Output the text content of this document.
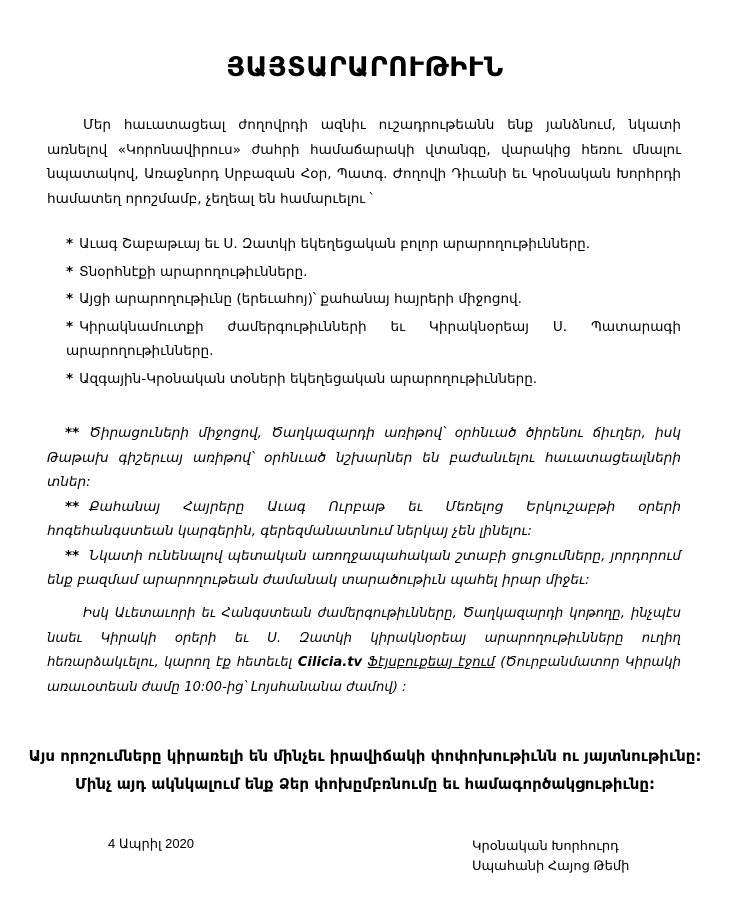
ՅԱՅՏԱՐԱՐՈՒԹԻՒՆ

Մեր հաւատացեալ ժողովրդի ազնիւ ուշադրութեանն ենք յանձնում, նկատի առնելով «Կորոնավիրուս» ժահրի համաճարակի վտանգը, վարակից հեռու մնալու նպատակով, Առաջնորդ Սրբազան Հօր, Պատգ. Ժողովի Դիւանի եւ Կրօնական Խորհրդի համատեղ որոշմամբ, չեղեալ են համարւելու ՝

* Աւագ Շաբաթւայ եւ Ս. Զատկի եկեղեցական բոլոր արարողութիւնները.
* Տնօրհնէքի արարողութիւնները.
* Այցի արարողութիւնը (երեւահոյ)՝ քահանայ հայրերի միջոցով.
* Կիրակնամուտքի ժամերգութիւնների եւ Կիրակնօրեայ Ս. Պատարագի արարողութիւնները.
* Ազգային-Կրօնական տօների եկեղեցական արարողութիւնները.

** Ծիրացուների միջոցով, Ծաղկազարդի առիթով՝ օրհնւած ծիրենու ճիւղեր, իսկ Թաթախ գիշերւայ առիթով՝ օրհնւած նշխարներ են բաժանւելու հաւատացեալների տներ:

** Քահանայ Հայրերը Աւագ Ուրբաթ եւ Մեռելոց Երկուշաբթի օրերի հոգեհանգստեան կարգերին, գերեզմանատնում ներկայ չեն լինելու:

** Նկատի ունենալով պետական առողջապահական շտաբի ցուցումները, յորդորում ենք բազմամ արարողութեան ժամանակ տարածութիւն պահել իրար միջեւ:

Իսկ Աւետաւորի եւ Հանգստեան ժամերգութիւնները, Ծաղկազարդի կոթողը, ինչպէս նաեւ Կիրակի օրերի եւ Ս. Զատկի կիրակնօրեայ արարողութիւնները ուղիղ հեռարձակւելու, կարող էք հետեւել Cilicia.tv Ֆէյսբուքեայ էջում (Ծուրբանմատոր Կիրակի առաւօտեան ժամը 10:00-ից՝ Լոյսհանանա ժամով) :

Այս որոշումները կիրառելի են մինչեւ իրավիճակի փոփոխութիւնն ու յայտնութիւնը:
Մինչ այդ ակնկալում ենք Ձեր փոխըմբռնումը եւ համագործակցութիւնը:

4 Ապրիլ 2020	Կրօնական Խորհուրդ
Սպահանի Հայոց Թեմի
